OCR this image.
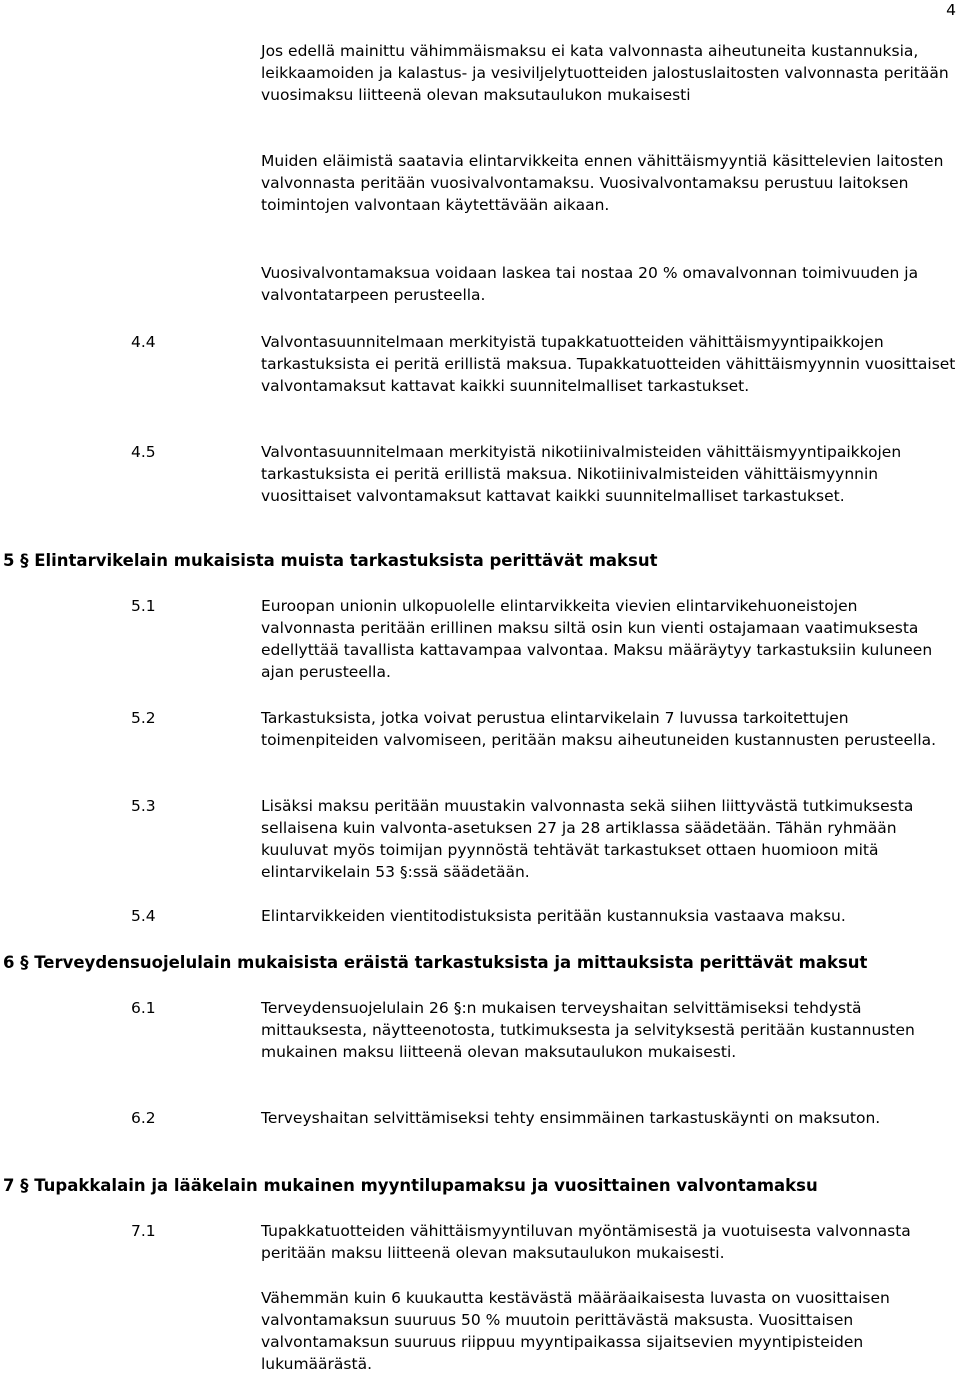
4

Jos edellä mainittu vähimmäismaksu ei kata valvonnasta aiheutuneita kustannuksia, leikkaamoiden ja kalastus- ja vesiviljelytuotteiden jalostuslaitosten valvonnasta peritään vuosimaksu liitteenä olevan maksutaulukon mukaisesti

Muiden eläimistä saatavia elintarvikkeita ennen vähittäismyyntiä käsittelevien laitosten valvonnasta peritään vuosivalvontamaksu. Vuosivalvontamaksu perustuu laitoksen toimintojen valvontaan käytettävään aikaan.

Vuosivalvontamaksua voidaan laskea tai nostaa 20 % omavalvonnan toimivuuden ja valvontatarpeen perusteella.

4.4	Valvontasuunnitelmaan merkityistä tupakkatuotteiden vähittäismyyntipaikkojen tarkastuksista ei peritä erillistä maksua. Tupakkatuotteiden vähittäismyynnin vuosittaiset valvontamaksut kattavat kaikki suunnitelmalliset tarkastukset.
4.5	Valvontasuunnitelmaan merkityistä nikotiinivalmisteiden vähittäismyyntipaikkojen tarkastuksista ei peritä erillistä maksua. Nikotiinivalmisteiden vähittäismyynnin vuosittaiset valvontamaksut kattavat kaikki suunnitelmalliset tarkastukset.
5 § Elintarvikelain mukaisista muista tarkastuksista perittävät maksut
5.1	Euroopan unionin ulkopuolelle elintarvikkeita vievien elintarvikehuoneistojen valvonnasta peritään erillinen maksu siltä osin kun vienti ostajamaan vaatimuksesta edellyttää tavallista kattavampaa valvontaa. Maksu määräytyy tarkastuksiin kuluneen ajan perusteella.
5.2	Tarkastuksista, jotka voivat perustua elintarvikelain 7 luvussa tarkoitettujen toimenpiteiden valvomiseen, peritään maksu aiheutuneiden kustannusten perusteella.
5.3	Lisäksi maksu peritään muustakin valvonnasta sekä siihen liittyvästä tutkimuksesta sellaisena kuin valvonta-asetuksen 27 ja 28 artiklassa säädetään. Tähän ryhmään kuuluvat myös toimijan pyynnöstä tehtävät tarkastukset ottaen huomioon mitä elintarvikelain 53 §:ssä säädetään.
5.4	Elintarvikkeiden vientitodistuksista peritään kustannuksia vastaava maksu.
6 § Terveydensuojelulain mukaisista eräistä tarkastuksista ja mittauksista perittävät maksut
6.1	Terveydensuojelulain 26 §:n mukaisen terveyshaitan selvittämiseksi tehdystä mittauksesta, näytteenotosta, tutkimuksesta ja selvityksestä peritään kustannusten mukainen maksu liitteenä olevan maksutaulukon mukaisesti.
6.2	Terveyshaitan selvittämiseksi tehty ensimmäinen tarkastuskäynti on maksuton.
7 § Tupakkalain ja lääkelain mukainen myyntilupamaksu ja vuosittainen valvontamaksu
7.1	Tupakkatuotteiden vähittäismyyntiluvan myöntämisestä ja vuotuisesta valvonnasta peritään maksu liitteenä olevan maksutaulukon mukaisesti.

Vähemmän kuin 6 kuukautta kestävästä määräaikaisesta luvasta on vuosittaisen valvontamaksun suuruus 50 % muutoin perittävästä maksusta. Vuosittaisen valvontamaksun suuruus riippuu myyntipaikassa sijaitsevien myyntipisteiden lukumäärästä.
